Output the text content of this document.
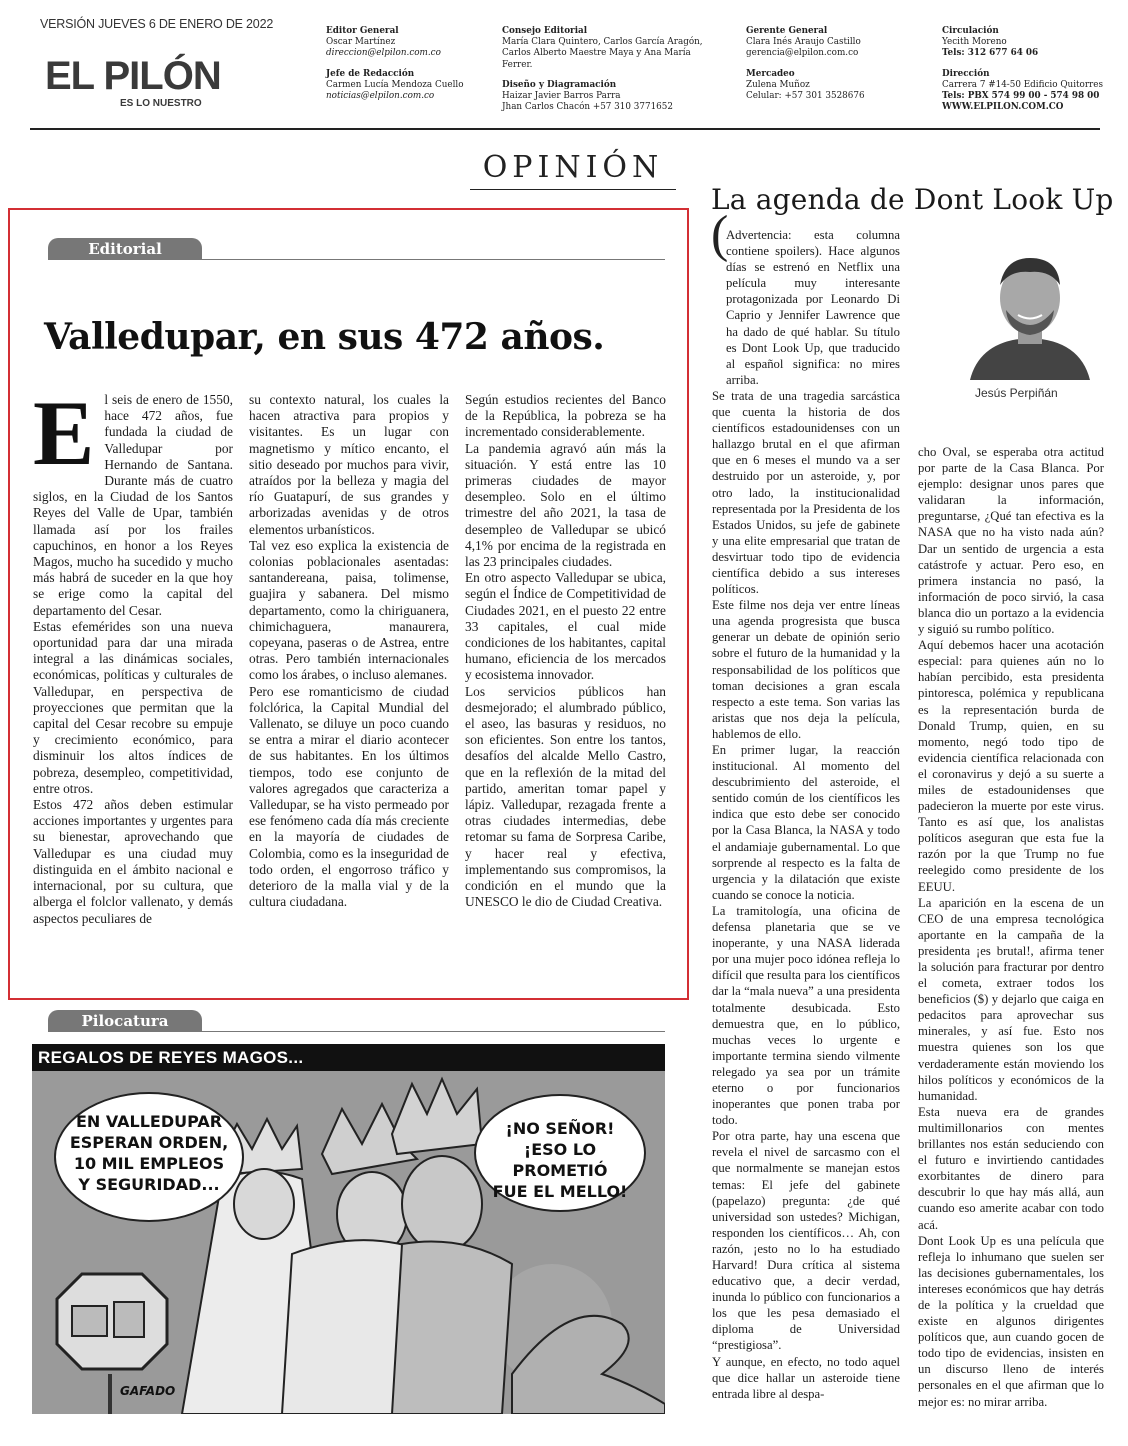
VERSIÓN JUEVES 6 DE ENERO DE 2022
EL PILÓN
ES LO NUESTRO
Editor General
Oscar Martínez
direccion@elpilon.com.co
Jefe de Redacción
Carmen Lucía Mendoza Cuello
noticias@elpilon.com.co
Consejo Editorial
María Clara Quintero, Carlos García Aragón,
Carlos Alberto Maestre Maya y Ana María
Ferrer.
Diseño y Diagramación
Haizar Javier Barros Parra
Jhan Carlos Chacón +57 310 3771652
Gerente General
Clara Inés Araujo Castillo
gerencia@elpilon.com.co
Mercadeo
Zulena Muñoz
Celular: +57 301 3528676
Circulación
Yecith Moreno
Tels: 312 677 64 06
Dirección
Carrera 7 #14-50 Edificio Quitorres
Tels: PBX 574 99 00 - 574 98 00
WWW.ELPILON.COM.CO
OPINIÓN
Editorial
Valledupar, en sus 472 años.
E l seis de enero de 1550, hace 472 años, fue fundada la ciudad de Valledupar por Hernando de Santana. Durante más de cuatro siglos, en la Ciudad de los Santos Reyes del Valle de Upar, también llamada así por los frailes capuchinos, en honor a los Reyes Magos, mucho ha sucedido y mucho más habrá de suceder en la que hoy se erige como la capital del departamento del Cesar.

Estas efemérides son una nueva oportunidad para dar una mirada integral a las dinámicas sociales, económicas, políticas y culturales de Valledupar, en perspectiva de proyecciones que permitan que la capital del Cesar recobre su empuje y crecimiento económico, para disminuir los altos índices de pobreza, desempleo, competitividad, entre otros.

Estos 472 años deben estimular acciones importantes y urgentes para su bienestar, aprovechando que Valledupar es una ciudad muy distinguida en el ámbito nacional e internacional, por su cultura, que alberga el folclor vallenato, y demás aspectos peculiares de

su contexto natural, los cuales la hacen atractiva para propios y visitantes. Es un lugar con magnetismo y mítico encanto, el sitio deseado por muchos para vivir, atraídos por la belleza y magia del río Guatapurí, de sus grandes y arborizadas avenidas y de otros elementos urbanísticos.

Tal vez eso explica la existencia de colonias poblacionales asentadas: santandereana, paisa, tolimense, guajira y sabanera. Del mismo departamento, como la chiriguanera, chimichaguera, manaurera, copeyana, paseras o de Astrea, entre otras. Pero también internacionales como los árabes, o incluso alemanes.

Pero ese romanticismo de ciudad folclórica, la Capital Mundial del Vallenato, se diluye un poco cuando se entra a mirar el diario acontecer de sus habitantes. En los últimos tiempos, todo ese conjunto de valores agregados que caracteriza a Valledupar, se ha visto permeado por ese fenómeno cada día más creciente en la mayoría de ciudades de Colombia, como es la inseguridad de todo orden, el engorroso tráfico y deterioro de la malla vial y de la cultura ciudadana.

Según estudios recientes del Banco de la República, la pobreza se ha incrementado considerablemente.

La pandemia agravó aún más la situación. Y está entre las 10 primeras ciudades de mayor desempleo. Solo en el último trimestre del año 2021, la tasa de desempleo de Valledupar se ubicó 4,1% por encima de la registrada en las 23 principales ciudades.

En otro aspecto Valledupar se ubica, según el Índice de Competitividad de Ciudades 2021, en el puesto 22 entre 33 capitales, el cual mide condiciones de los habitantes, capital humano, eficiencia de los mercados y ecosistema innovador.

Los servicios públicos han desmejorado; el alumbrado público, el aseo, las basuras y residuos, no son eficientes. Son entre los tantos, desafíos del alcalde Mello Castro, que en la reflexión de la mitad del partido, ameritan tomar papel y lápiz. Valledupar, rezagada frente a otras ciudades intermedias, debe retomar su fama de Sorpresa Caribe, y hacer real y efectiva, implementando sus compromisos, la condición en el mundo que la UNESCO le dio de Ciudad Creativa.

Pilocatura
REGALOS DE REYES MAGOS...
EN VALLEDUPAR
ESPERAN ORDEN,
10 MIL EMPLEOS
Y SEGURIDAD...
¡NO SEÑOR!
¡ESO LO PROMETIÓ
FUE EL MELLO!
GAFADO
La agenda de Dont Look Up
(
Jesús Perpiñán

Advertencia: esta columna contiene spoilers). Hace algunos días se estrenó en Netflix una película muy interesante protagonizada por Leonardo Di Caprio y Jennifer Lawrence que ha dado de qué hablar. Su título es Dont Look Up, que traducido al español significa: no mires arriba.

Se trata de una tragedia sarcástica que cuenta la historia de dos científicos estadounidenses con un hallazgo brutal en el que afirman que en 6 meses el mundo va a ser destruido por un asteroide, y, por otro lado, la institucionalidad representada por la Presidenta de los Estados Unidos, su jefe de gabinete y una elite empresarial que tratan de desvirtuar todo tipo de evidencia científica debido a sus intereses políticos.

Este filme nos deja ver entre líneas una agenda progresista que busca generar un debate de opinión serio sobre el futuro de la humanidad y la responsabilidad de los políticos que toman decisiones a gran escala respecto a este tema. Son varias las aristas que nos deja la película, hablemos de ello.

En primer lugar, la reacción institucional. Al momento del descubrimiento del asteroide, el sentido común de los científicos les indica que esto debe ser conocido por la Casa Blanca, la NASA y todo el andamiaje gubernamental. Lo que sorprende al respecto es la falta de urgencia y la dilatación que existe cuando se conoce la noticia.

La tramitología, una oficina de defensa planetaria que se ve inoperante, y una NASA liderada por una mujer poco idónea refleja lo difícil que resulta para los científicos dar la “mala nueva” a una presidenta totalmente desubicada. Esto demuestra que, en lo público, muchas veces lo urgente e importante termina siendo vilmente relegado ya sea por un trámite eterno o por funcionarios inoperantes que ponen traba por todo.

Por otra parte, hay una escena que revela el nivel de sarcasmo con el que normalmente se manejan estos temas: El jefe del gabinete (papelazo) pregunta: ¿de qué universidad son ustedes? Michigan, responden los científicos… Ah, con razón, ¡esto no lo ha estudiado Harvard! Dura crítica al sistema educativo que, a decir verdad, inunda lo público con funcionarios a los que les pesa demasiado el diploma de Universidad “prestigiosa”.

Y aunque, en efecto, no todo aquel que dice hallar un asteroide tiene entrada libre al despa-

cho Oval, se esperaba otra actitud por parte de la Casa Blanca. Por ejemplo: designar unos pares que validaran la información, preguntarse, ¿Qué tan efectiva es la NASA que no ha visto nada aún? Dar un sentido de urgencia a esta catástrofe y actuar. Pero eso, en primera instancia no pasó, la información de poco sirvió, la casa blanca dio un portazo a la evidencia y siguió su rumbo político.

Aquí debemos hacer una acotación especial: para quienes aún no lo habían percibido, esta presidenta pintoresca, polémica y republicana es la representación burda de Donald Trump, quien, en su momento, negó todo tipo de evidencia científica relacionada con el coronavirus y dejó a su suerte a miles de estadounidenses que padecieron la muerte por este virus. Tanto es así que, los analistas políticos aseguran que esta fue la razón por la que Trump no fue reelegido como presidente de los EEUU.

La aparición en la escena de un CEO de una empresa tecnológica aportante en la campaña de la presidenta ¡es brutal!, afirma tener la solución para fracturar por dentro el cometa, extraer todos los beneficios ($) y dejarlo que caiga en pedacitos para aprovechar sus minerales, y así fue. Esto nos muestra quienes son los que verdaderamente están moviendo los hilos políticos y económicos de la humanidad.

Esta nueva era de grandes multimillonarios con mentes brillantes nos están seduciendo con el futuro e invirtiendo cantidades exorbitantes de dinero para descubrir lo que hay más allá, aun cuando eso amerite acabar con todo acá.

Dont Look Up es una película que refleja lo inhumano que suelen ser las decisiones gubernamentales, los intereses económicos que hay detrás de la política y la crueldad que existe en algunos dirigentes políticos que, aun cuando gocen de todo tipo de evidencias, insisten en un discurso lleno de interés personales en el que afirman que lo mejor es: no mirar arriba.
